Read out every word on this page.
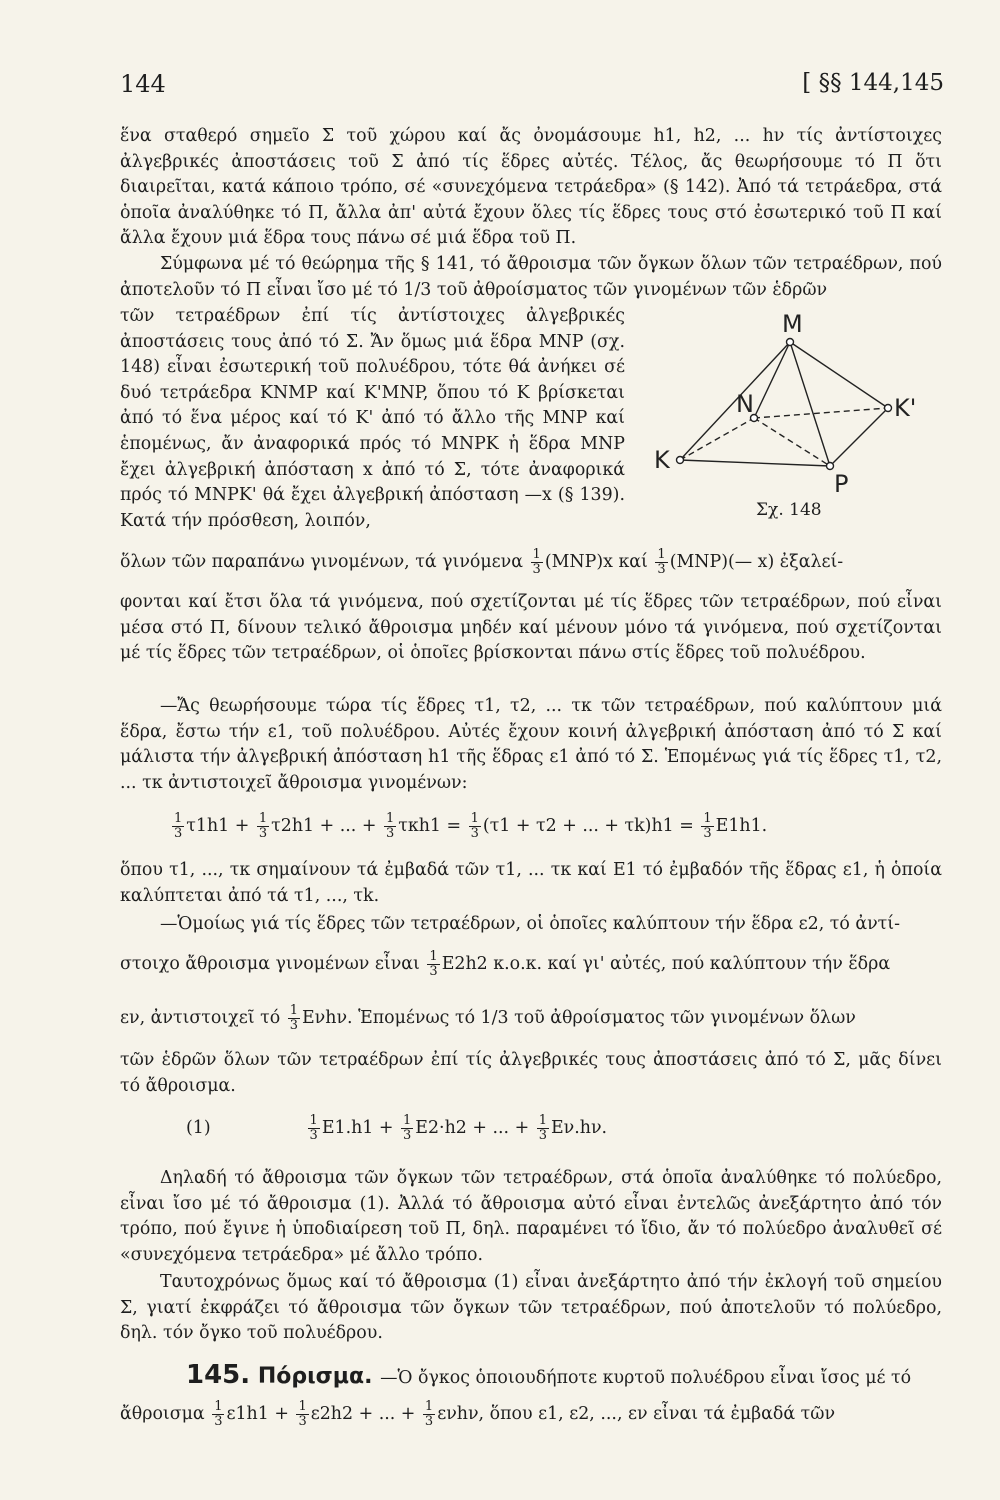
144	[ §§ 144,145

ἕνα σταθερό σημεῖο Σ τοῦ χώρου καί ἄς ὀνομάσουμε h1, h2, ... hν τίς ἀντίστοιχες ἀλγεβρικές ἀποστάσεις τοῦ Σ ἀπό τίς ἕδρες αὐτές. Τέλος, ἄς θεωρήσουμε τό Π ὅτι διαιρεῖται, κατά κάποιο τρόπο, σέ «συνεχόμενα τετράεδρα» (§ 142). Ἀπό τά τετράεδρα, στά ὁποῖα ἀναλύθηκε τό Π, ἄλλα ἀπ' αὐτά ἔχουν ὅλες τίς ἕδρες τους στό ἐσωτερικό τοῦ Π καί ἄλλα ἔχουν μιά ἕδρα τους πάνω σέ μιά ἕδρα τοῦ Π.

Σύμφωνα μέ τό θεώρημα τῆς § 141, τό ἄθροισμα τῶν ὄγκων ὅλων τῶν τετραέδρων, πού ἀποτελοῦν τό Π εἶναι ἴσο μέ τό 1/3 τοῦ ἀθροίσματος τῶν γινομένων τῶν ἑδρῶν

τῶν τετραέδρων ἐπί τίς ἀντίστοιχες ἀλγεβρικές ἀποστάσεις τους ἀπό τό Σ. Ἄν ὅμως μιά ἕδρα MNP (σχ. 148) εἶναι ἐσωτερική τοῦ πολυέδρου, τότε θά ἀνήκει σέ δυό τετράεδρα KNMP καί K'MNP, ὅπου τό K βρίσκεται ἀπό τό ἕνα μέρος καί τό K' ἀπό τό ἄλλο τῆς MNP καί ἑπομένως, ἄν ἀναφορικά πρός τό MNPK ἡ ἕδρα MNP ἔχει ἀλγεβρική ἀπόσταση x ἀπό τό Σ, τότε ἀναφορικά πρός τό MNPK' θά ἔχει ἀλγεβρική ἀπόσταση —x (§ 139). Κατά τήν πρόσθεση, λοιπόν,

M
K
P
K'
N
Σχ. 148
ὅλων τῶν παραπάνω γινομένων, τά γινόμενα $\frac{1}{3} (MNP)x$ καί $\frac{1}{3}$ (MNP)(— x) ἐξαλεί-

φονται καί ἔτσι ὅλα τά γινόμενα, πού σχετίζονται μέ τίς ἕδρες τῶν τετραέδρων, πού εἶναι μέσα στό Π, δίνουν τελικό ἄθροισμα μηδέν καί μένουν μόνο τά γινόμενα, πού σχετίζονται μέ τίς ἕδρες τῶν τετραέδρων, οἱ ὁποῖες βρίσκονται πάνω στίς ἕδρες τοῦ πολυέδρου.

—Ἄς θεωρήσουμε τώρα τίς ἕδρες τ1, τ2, ... τκ τῶν τετραέδρων, πού καλύπτουν μιά ἕδρα, ἔστω τήν ε1, τοῦ πολυέδρου. Αὐτές ἔχουν κοινή ἀλγεβρική ἀπόσταση ἀπό τό Σ καί μάλιστα τήν ἀλγεβρική ἀπόσταση h1 τῆς ἕδρας ε1 ἀπό τό Σ. Ἑπομένως γιά τίς ἕδρες τ1, τ2, ... τκ ἀντιστοιχεῖ ἄθροισμα γινομένων:

$\frac{1}{3} \tau 1h1 + \frac{1}{3} \tau 2h1$ + ... + $\frac{1}{3} \tau\kappa h1 = \frac{1}{3} (\tau 1 + \tau 2$ + ... + $\tau k)h1 = \frac{1}{3} E1h1$.

ὅπου τ1, ..., τκ σημαίνουν τά ἐμβαδά τῶν τ1, ... τκ καί E1 τό ἐμβαδόν τῆς ἕδρας ε1, ἡ ὁποία καλύπτεται ἀπό τά τ1, ..., τk.

—Ὁμοίως γιά τίς ἕδρες τῶν τετραέδρων, οἱ ὁποῖες καλύπτουν τήν ἕδρα ε2, τό ἀντί-

στοιχο ἄθροισμα γινομένων εἶναι $\frac{1}{3} E2h2$ κ.ο.κ. καί γι' αὐτές, πού καλύπτουν τήν ἕδρα
εν, ἀντιστοιχεῖ τό $\frac{1}{3} E\nu h\nu$. Ἑπομένως τό 1/3 τοῦ ἀθροίσματος τῶν γινομένων ὅλων

τῶν ἑδρῶν ὅλων τῶν τετραέδρων ἐπί τίς ἀλγεβρικές τους ἀποστάσεις ἀπό τό Σ, μᾶς δίνει τό ἄθροισμα.

(1)	$\frac{1}{3} E1.h1 + \frac{1}{3} E2\cdot h2$ + ... + $\frac{1}{3} E\nu.h\nu$.

Δηλαδή τό ἄθροισμα τῶν ὄγκων τῶν τετραέδρων, στά ὁποῖα ἀναλύθηκε τό πολύεδρο, εἶναι ἴσο μέ τό ἄθροισμα (1). Ἀλλά τό ἄθροισμα αὐτό εἶναι ἐντελῶς ἀνεξάρτητο ἀπό τόν τρόπο, πού ἔγινε ἡ ὑποδιαίρεση τοῦ Π, δηλ. παραμένει τό ἴδιο, ἄν τό πολύεδρο ἀναλυθεῖ σέ «συνεχόμενα τετράεδρα» μέ ἄλλο τρόπο.

Ταυτοχρόνως ὅμως καί τό ἄθροισμα (1) εἶναι ἀνεξάρτητο ἀπό τήν ἐκλογή τοῦ σημείου Σ, γιατί ἐκφράζει τό ἄθροισμα τῶν ὄγκων τῶν τετραέδρων, πού ἀποτελοῦν τό πολύεδρο, δηλ. τόν ὄγκο τοῦ πολυέδρου.

145. Πόρισμα. —Ὁ ὄγκος ὁποιουδήποτε κυρτοῦ πολυέδρου εἶναι ἴσος μέ τό
ἄθροισμα $\frac{1}{3} \varepsilon 1h1 + \frac{1}{3} \varepsilon 2h2$ + ... + $\frac{1}{3} \varepsilon\nu h\nu$, ὅπου ε1, ε2, ..., εν εἶναι τά ἐμβαδά τῶν
